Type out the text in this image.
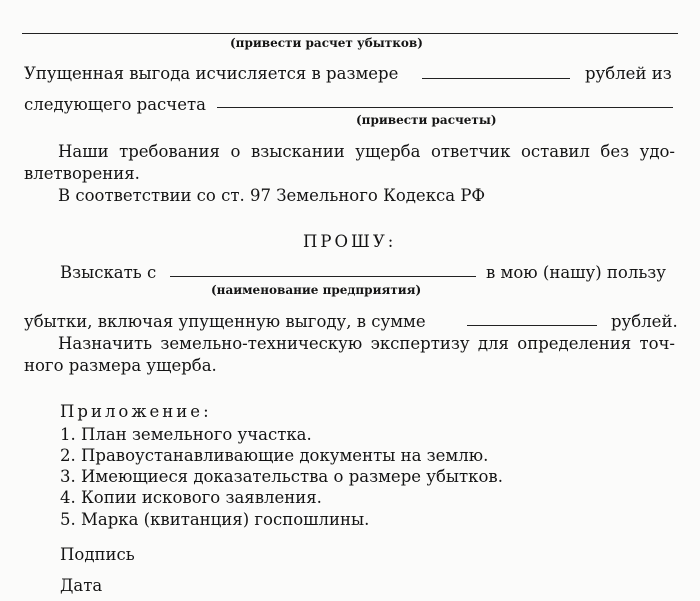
(привести расчет убытков)
Упущенная выгода исчисляется в размере	рублей из
следующего расчета
(привести расчеты)
Наши требования о взыскании ущерба ответчик оставил без удо-
влетворения.
В соответствии со ст. 97 Земельного Кодекса РФ
ПРОШУ:
Взыскать с	в мою (нашу) пользу
(наименование предприятия)
убытки, включая упущенную выгоду, в сумме	рублей.
Назначить земельно-техническую экспертизу для определения точ-
ного размера ущерба.
Приложение:
1. План земельного участка.
2. Правоустанавливающие документы на землю.
3. Имеющиеся доказательства о размере убытков.
4. Копии искового заявления.
5. Марка (квитанция) госпошлины.
Подпись
Дата
